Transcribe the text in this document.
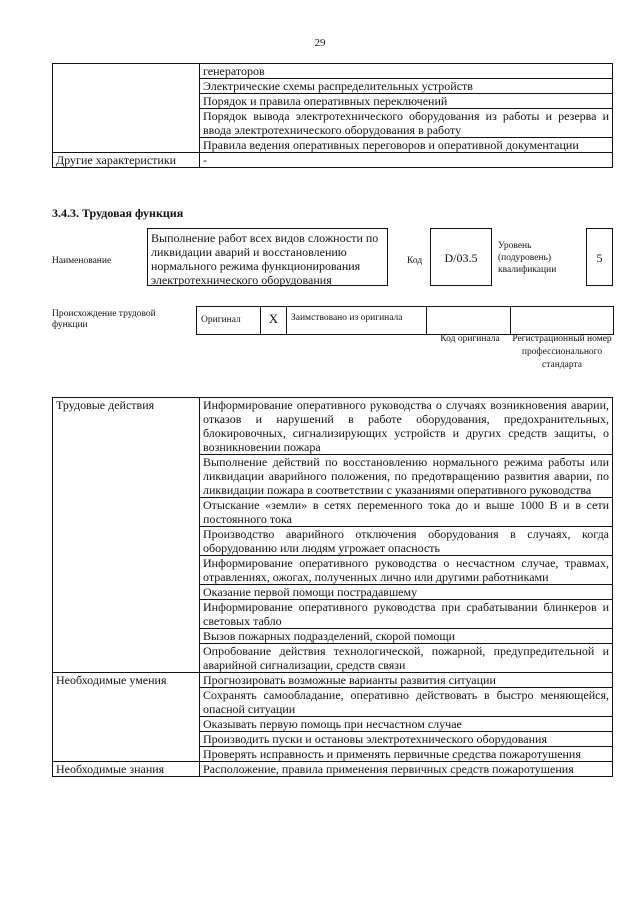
29
	генераторов
	Электрические схемы распределительных устройств
	Порядок и правила оперативных переключений
	Порядок вывода электротехнического оборудования из работы и резерва и ввода электротехнического оборудования в работу
	Правила ведения оперативных переговоров и оперативной документации
Другие характеристики	-
3.4.3. Трудовая функция
Наименование
Выполнение работ всех видов сложности по ликвидации аварий и восстановлению нормального режима функционирования электротехнического оборудования
Код	D/03.5
Уровень (подуровень) квалификации
5
Происхождение трудовой функции	Оригинал	X	Заимствовано из оригинала
Код оригинала	Регистрационный номер профессионального стандарта
Трудовые действия	Информирование оперативного руководства о случаях возникновения аварии, отказов и нарушений в работе оборудования, предохранительных, блокировочных, сигнализирующих устройств и других средств защиты, о возникновении пожара
	Выполнение действий по восстановлению нормального режима работы или ликвидации аварийного положения, по предотвращению развития аварии, по ликвидации пожара в соответствии с указаниями оперативного руководства
	Отыскание «земли» в сетях переменного тока до и выше 1000 В и в сети постоянного тока
	Производство аварийного отключения оборудования в случаях, когда оборудованию или людям угрожает опасность
	Информирование оперативного руководства о несчастном случае, травмах, отравлениях, ожогах, полученных лично или другими работниками
	Оказание первой помощи пострадавшему
	Информирование оперативного руководства при срабатывании блинкеров и световых табло
	Вызов пожарных подразделений, скорой помощи
	Опробование действия технологической, пожарной, предупредительной и аварийной сигнализации, средств связи
Необходимые умения	Прогнозировать возможные варианты развития ситуации
	Сохранять самообладание, оперативно действовать в быстро меняющейся, опасной ситуации
	Оказывать первую помощь при несчастном случае
	Производить пуски и остановы электротехнического оборудования
	Проверять исправность и применять первичные средства пожаротушения
Необходимые знания	Расположение, правила применения первичных средств пожаротушения
